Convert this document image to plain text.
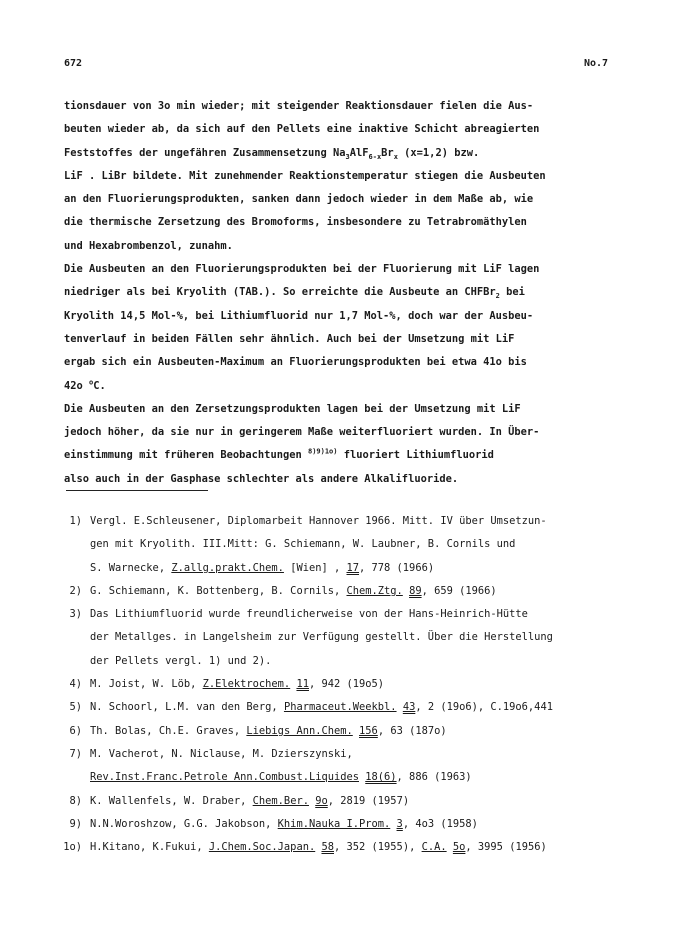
672	No.7
tionsdauer von 3o min wieder; mit steigender Reaktionsdauer fielen die Aus-
beuten wieder ab, da sich auf den Pellets eine inaktive Schicht abreagierten
Feststoffes der ungefähren Zusammensetzung $Na_3AlF_{6-x}Br_x$ (x=1,2) bzw.
LiF . LiBr bildete. Mit zunehmender Reaktionstemperatur stiegen die Ausbeuten
an den Fluorierungsprodukten, sanken dann jedoch wieder in dem Maße ab, wie
die thermische Zersetzung des Bromoforms, insbesondere zu Tetrabromäthylen
und Hexabrombenzol, zunahm.
Die Ausbeuten an den Fluorierungsprodukten bei der Fluorierung mit LiF lagen
niedriger als bei Kryolith (TAB.). So erreichte die Ausbeute an CHFBr$_2$ bei
Kryolith 14,5 Mol-%, bei Lithiumfluorid nur 1,7 Mol-%, doch war der Ausbeu-
tenverlauf in beiden Fällen sehr ähnlich. Auch bei der Umsetzung mit LiF
ergab sich ein Ausbeuten-Maximum an Fluorierungsprodukten bei etwa 41o bis
42o $^o$C.
Die Ausbeuten an den Zersetzungsprodukten lagen bei der Umsetzung mit LiF
jedoch höher, da sie nur in geringerem Maße weiterfluoriert wurden. In Über-
einstimmung mit früheren Beobachtungen $^{8)9)1o)}$ fluoriert Lithiumfluorid
also auch in der Gasphase schlechter als andere Alkalifluoride.
1) Vergl. E.Schleusener, Diplomarbeit Hannover 1966. Mitt. IV über Umsetzun-
gen mit Kryolith. III.Mitt: G. Schiemann, W. Laubner, B. Cornils und
S. Warnecke, Z.allg.prakt.Chem. [Wien] , 17, 778 (1966)
2) G. Schiemann, K. Bottenberg, B. Cornils, Chem.Ztg. 89, 659 (1966)
3) Das Lithiumfluorid wurde freundlicherweise von der Hans-Heinrich-Hütte
der Metallges. in Langelsheim zur Verfügung gestellt. Über die Herstellung
der Pellets vergl. 1) und 2).
4) M. Joist, W. Löb, Z.Elektrochem. 11, 942 (19o5)
5) N. Schoorl, L.M. van den Berg, Pharmaceut.Weekbl. 43, 2 (19o6), C.19o6,441
6) Th. Bolas, Ch.E. Graves, Liebigs Ann.Chem. 156, 63 (187o)
7) M. Vacherot, N. Niclause, M. Dzierszynski,
Rev.Inst.Franc.Petrole Ann.Combust.Liquides 18(6), 886 (1963)
8) K. Wallenfels, W. Draber, Chem.Ber. 9o, 2819 (1957)
9) N.N.Woroshzow, G.G. Jakobson, Khim.Nauka I.Prom. 3, 4o3 (1958)
1o) H.Kitano, K.Fukui, J.Chem.Soc.Japan. 58, 352 (1955), C.A. 5o, 3995 (1956)
